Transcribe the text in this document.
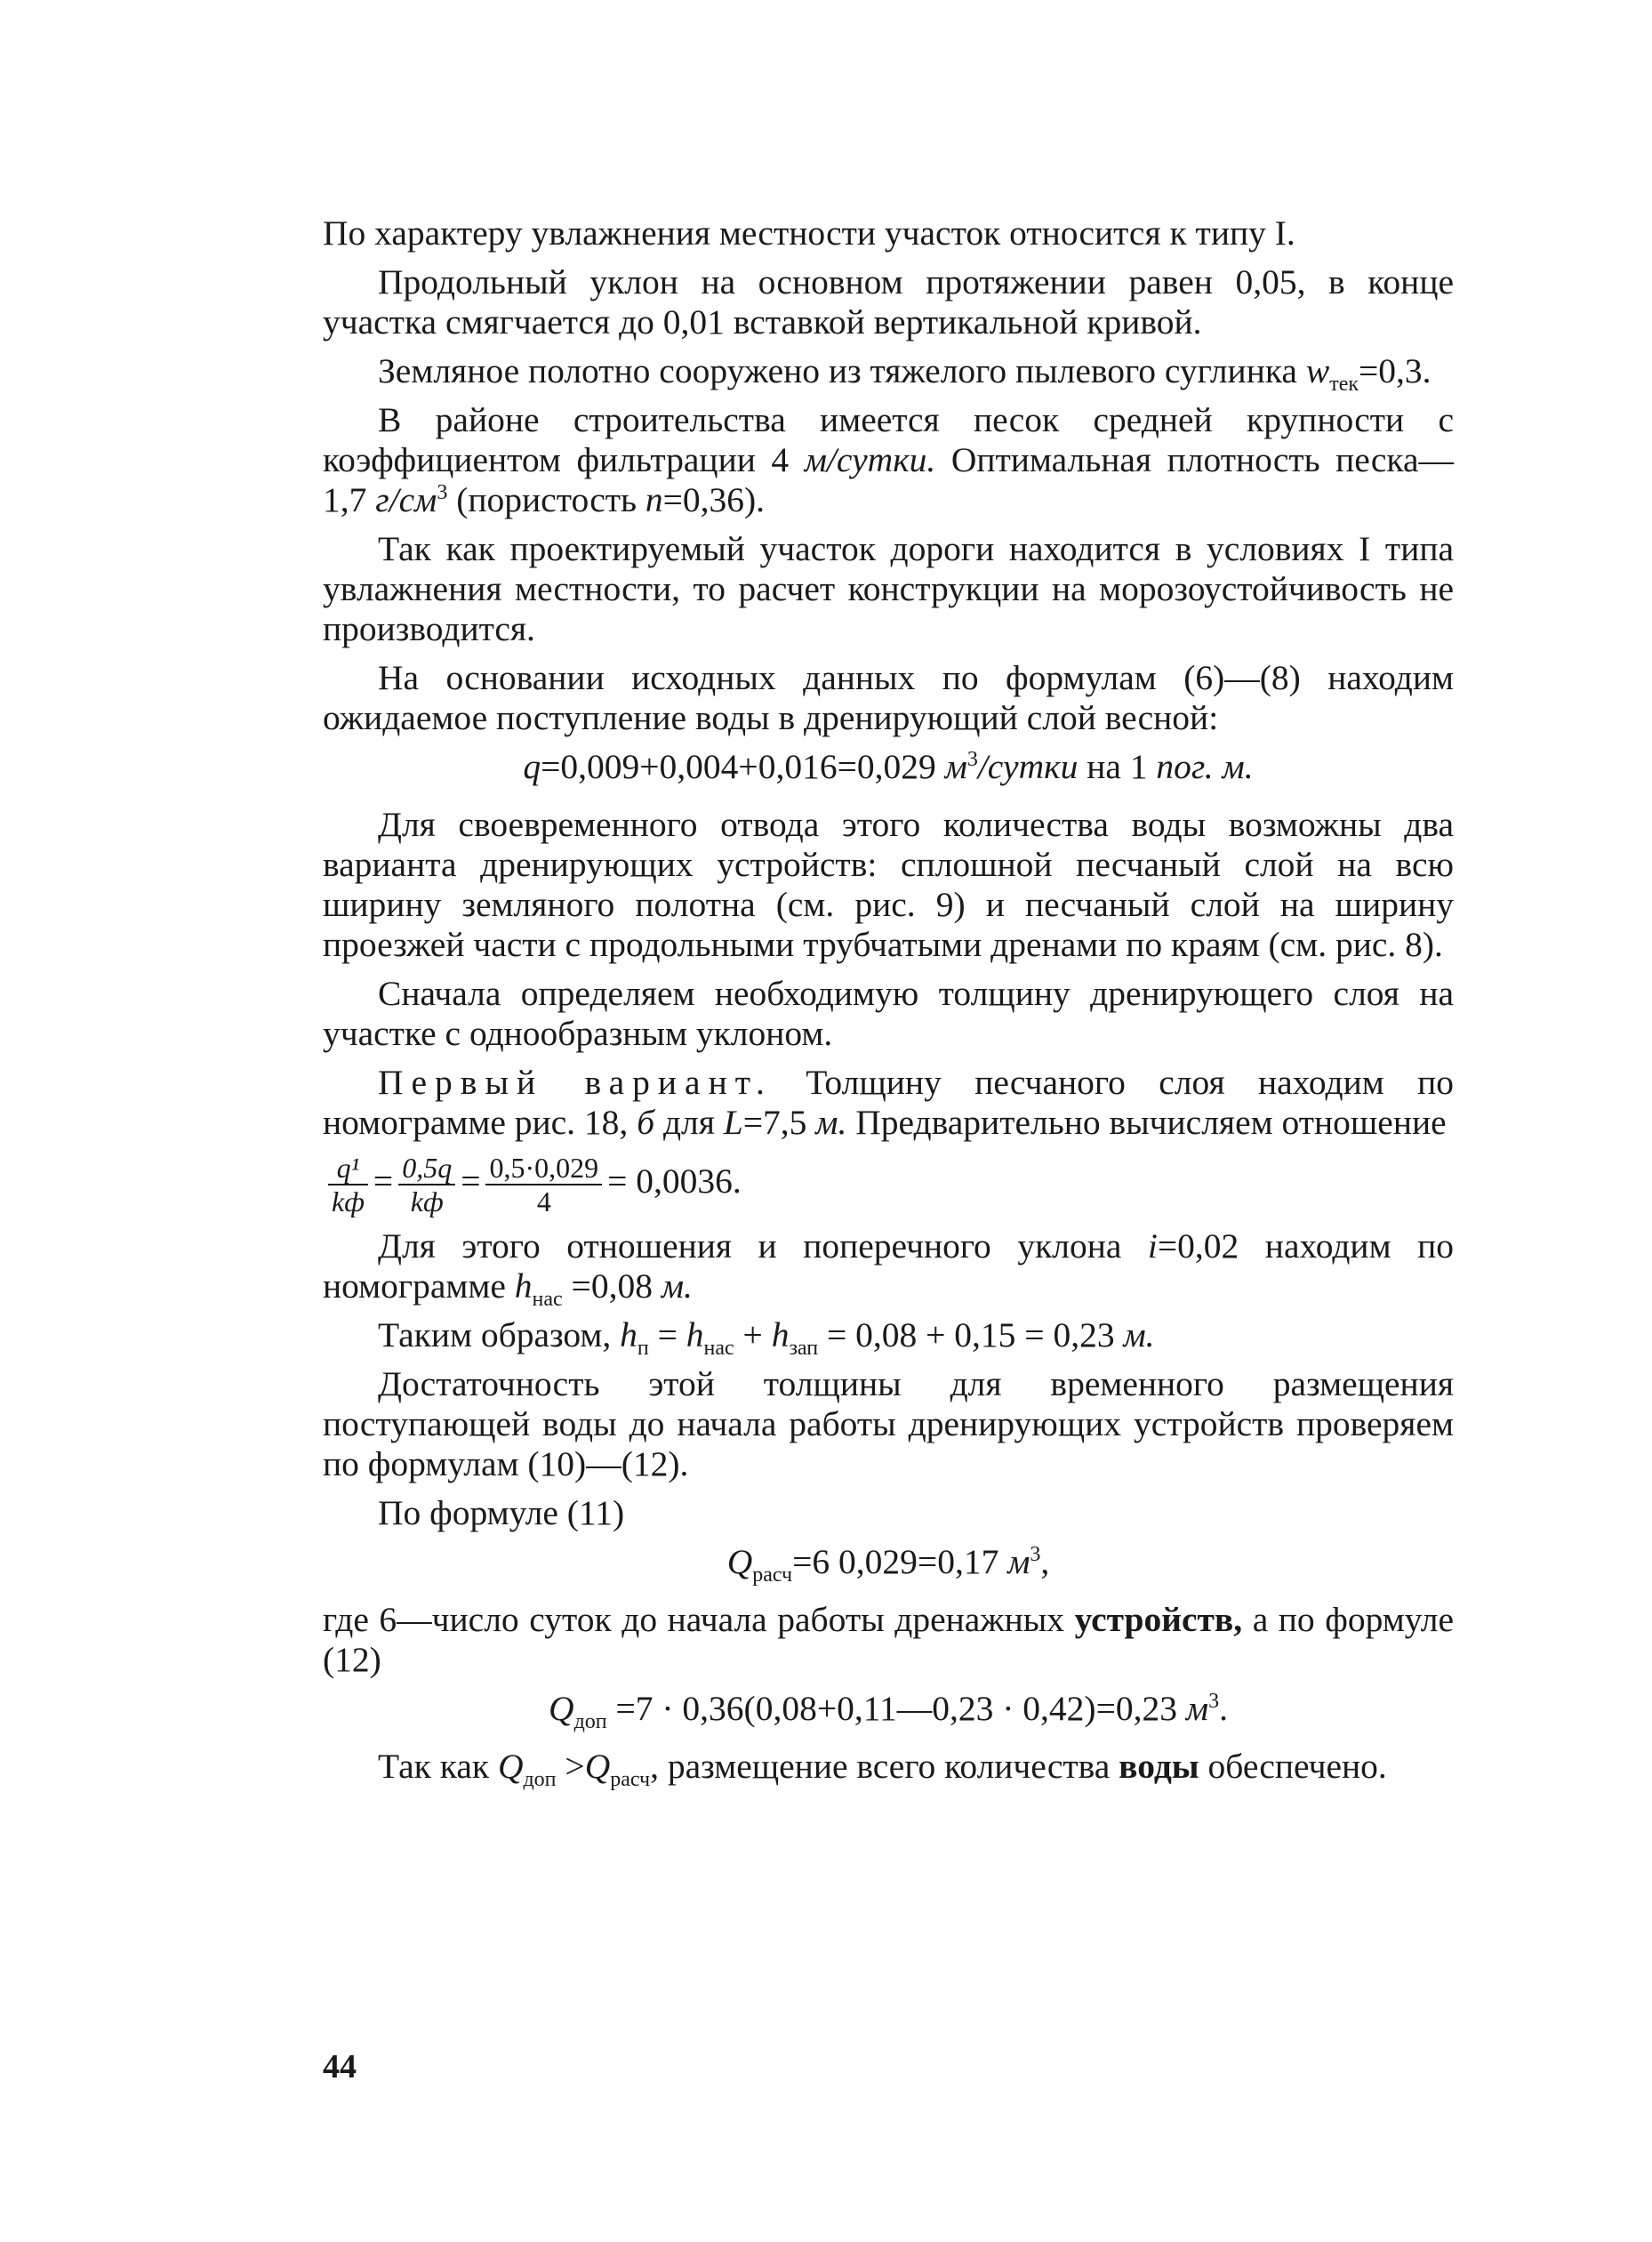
По характеру увлажнения местности участок относится к типу I.

Продольный уклон на основном протяжении равен 0,05, в конце участка смягчается до 0,01 вставкой вертикальной кривой.

Земляное полотно сооружено из тяжелого пылевого суглинка $w_{тек}=0,3$.

В районе строительства имеется песок средней крупности с коэффициентом фильтрации 4 м/сутки. Оптимальная плотность песка—1,7 $г/см^3$ (пористость n=0,36).

Так как проектируемый участок дороги находится в условиях I типа увлажнения местности, то расчет конструкции на морозоустойчивость не производится.

На основании исходных данных по формулам (6)—(8) находим ожидаемое поступление воды в дренирующий слой весной:

q=0,009+0,004+0,016=0,029 $м^3$/сутки на 1 пог. м.

Для своевременного отвода этого количества воды возможны два варианта дренирующих устройств: сплошной песчаный слой на всю ширину земляного полотна (см. рис. 9) и песчаный слой на ширину проезжей части с продольными трубчатыми дренами по краям (см. рис. 8).

Сначала определяем необходимую толщину дренирующего слоя на участке с однообразным уклоном.

Первый вариант. Толщину песчаного слоя находим по номограмме рис. 18, б для L=7,5 м. Предварительно вычисляем отношение

$\frac{\text{q¹}}{kф} = \frac{0,5q}{kф} = \frac{0,5\cdot 0,029}{4} = 0,0036$.

Для этого отношения и поперечного уклона i=0,02 находим по номограмме $h_{нас} =0,08$ м.

Таким образом, $h_п = h_{нас} + h_{зап} = 0,08 + 0,15 = 0,23$ м.

Достаточность этой толщины для временного размещения поступающей воды до начала работы дренирующих устройств проверяем по формулам (10)—(12).

По формуле (11)

$Q_{расч}=6$ 0,029=0,17 $м^3$,

где 6—число суток до начала работы дренажных устройств, а по формуле (12)

$Q_{доп} =7$ · 0,36(0,08+0,11—0,23 · 0,42)=0,23 $м^3$.

Так как $Q_{доп} >Q_{расч}$, размещение всего количества воды обеспечено.

44
